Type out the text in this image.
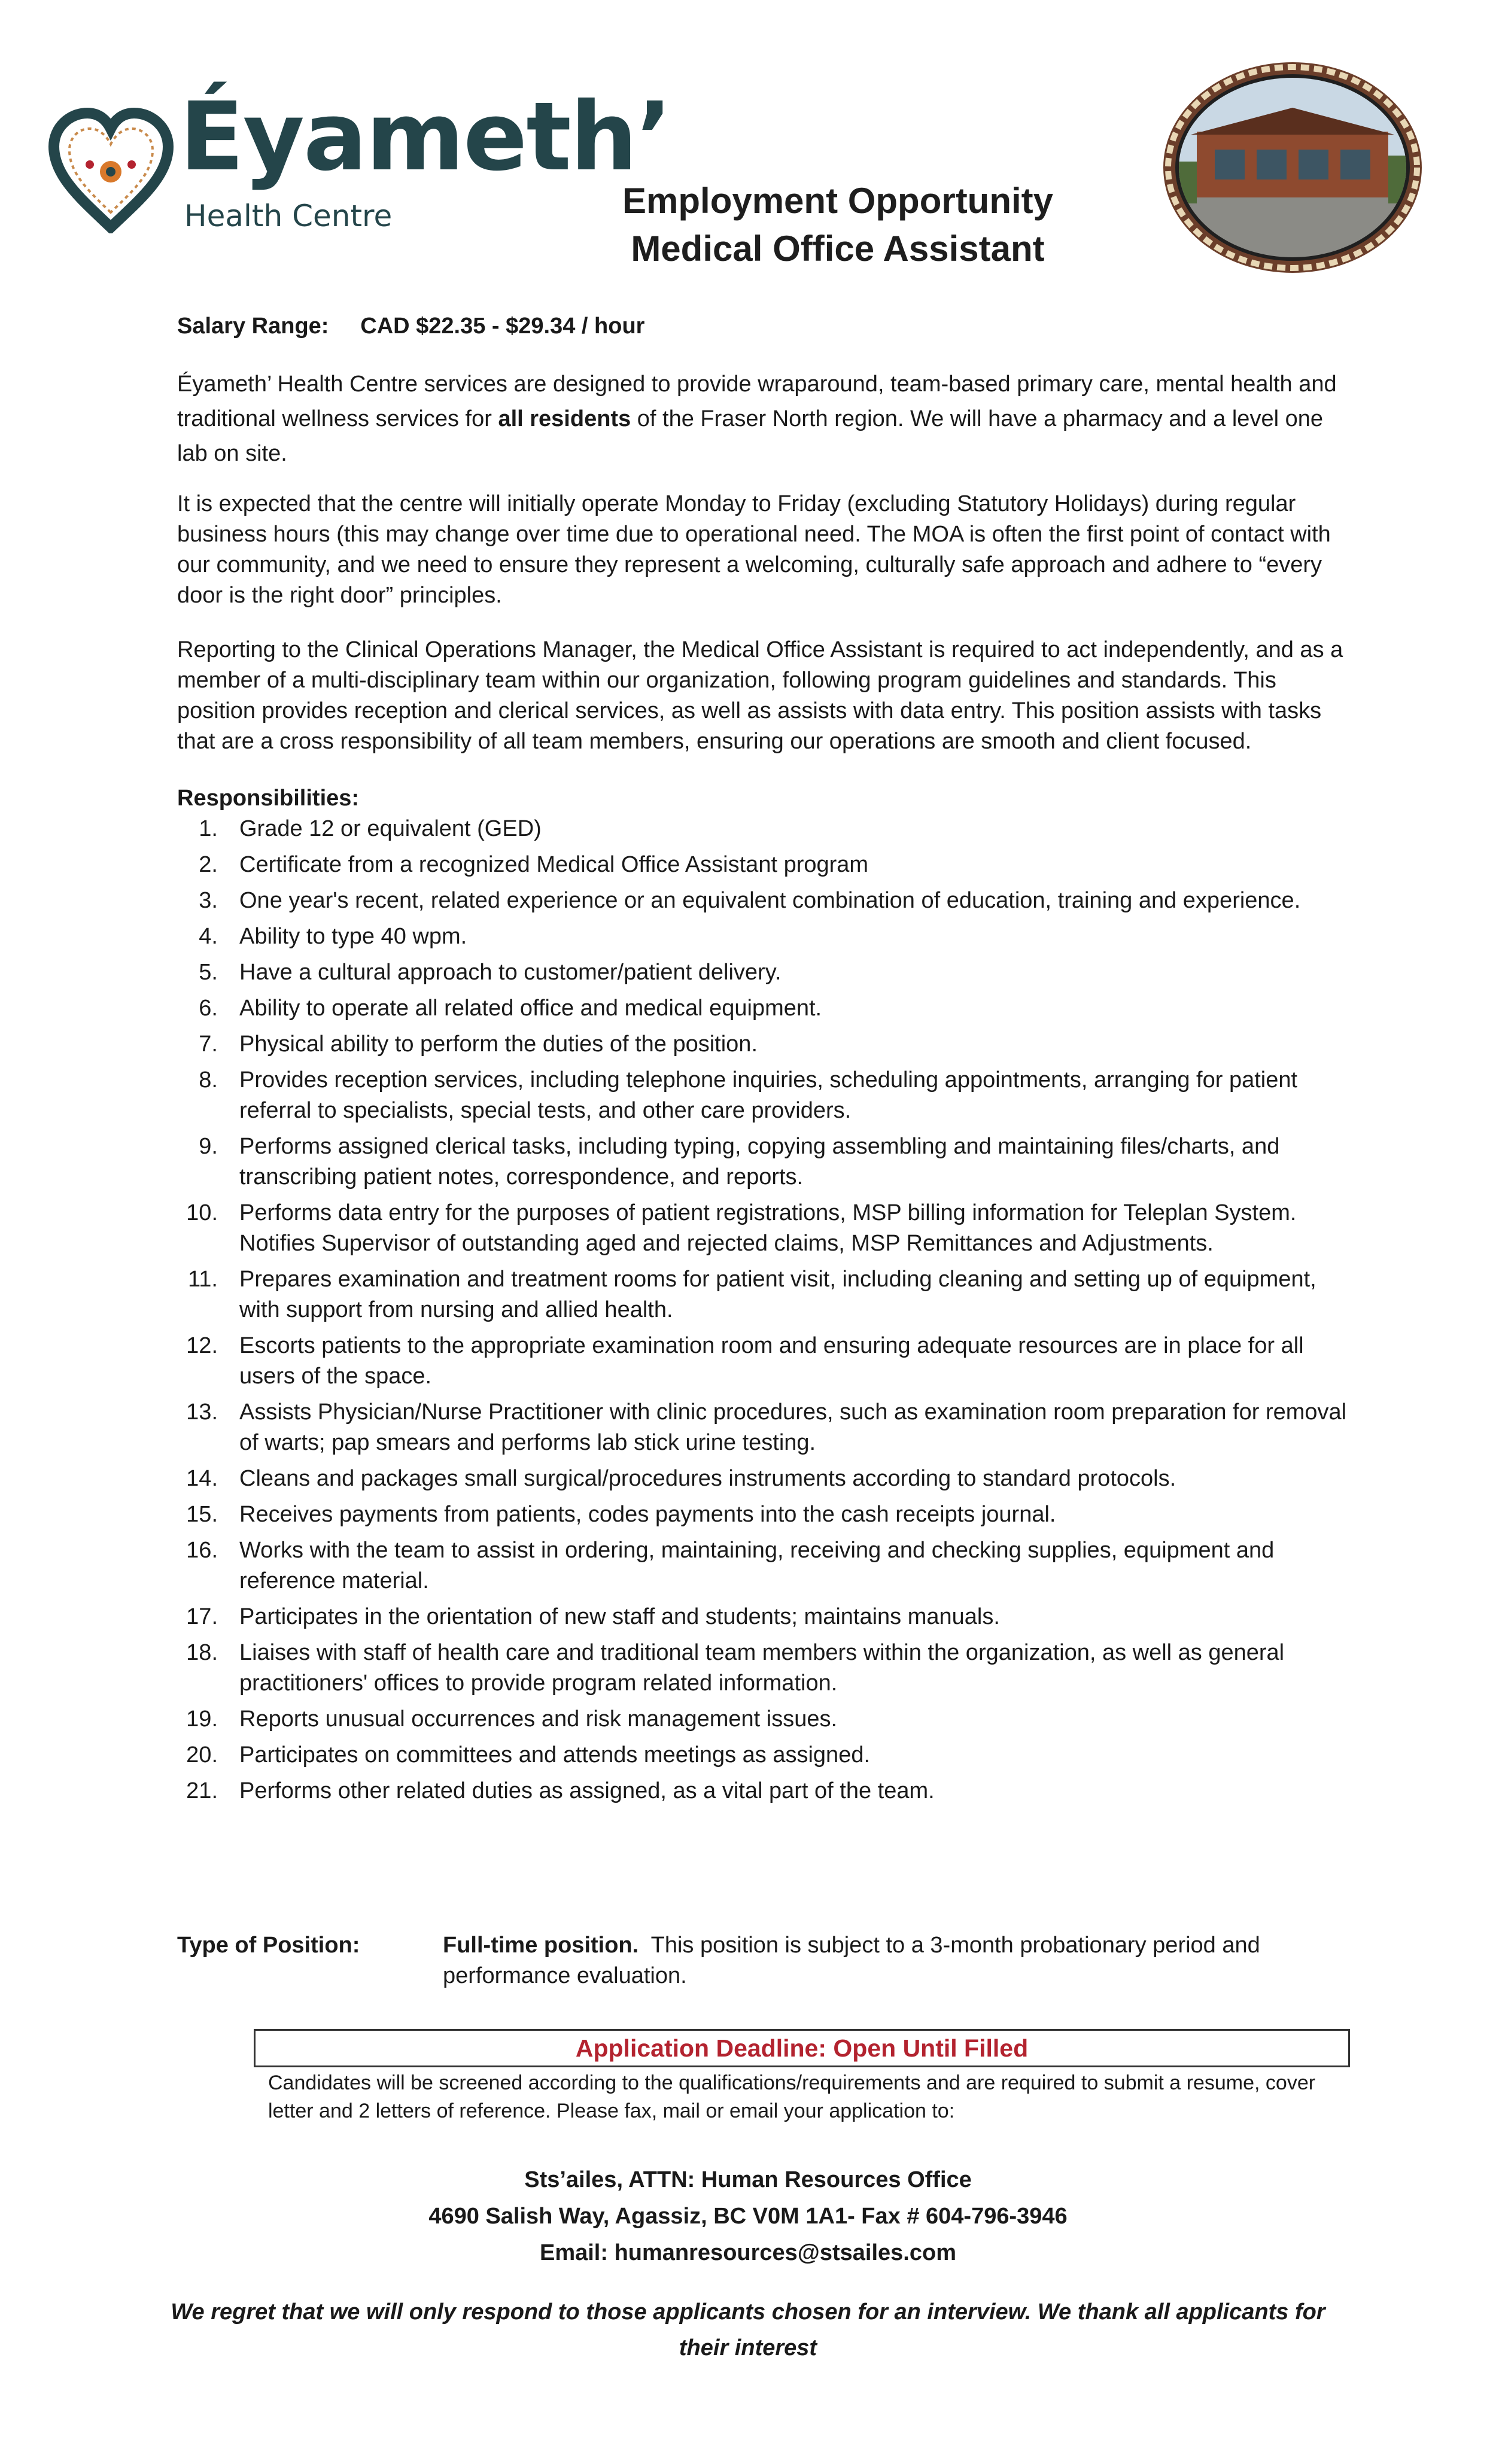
Éyameth’
Health Centre	Employment Opportunity
Medical Office Assistant

Salary Range: CAD $22.35 - $29.34 / hour

Éyameth’ Health Centre services are designed to provide wraparound, team-based primary care, mental health and traditional wellness services for all residents of the Fraser North region. We will have a pharmacy and a level one lab on site.

It is expected that the centre will initially operate Monday to Friday (excluding Statutory Holidays) during regular business hours (this may change over time due to operational need. The MOA is often the first point of contact with our community, and we need to ensure they represent a welcoming, culturally safe approach and adhere to “every door is the right door” principles.

Reporting to the Clinical Operations Manager, the Medical Office Assistant is required to act independently, and as a member of a multi-disciplinary team within our organization, following program guidelines and standards. This position provides reception and clerical services, as well as assists with data entry. This position assists with tasks that are a cross responsibility of all team members, ensuring our operations are smooth and client focused.

Responsibilities:

1. Grade 12 or equivalent (GED)
2. Certificate from a recognized Medical Office Assistant program
3. One year's recent, related experience or an equivalent combination of education, training and experience.
4. Ability to type 40 wpm.
5. Have a cultural approach to customer/patient delivery.
6. Ability to operate all related office and medical equipment.
7. Physical ability to perform the duties of the position.
8. Provides reception services, including telephone inquiries, scheduling appointments, arranging for patient referral to specialists, special tests, and other care providers.
9. Performs assigned clerical tasks, including typing, copying assembling and maintaining files/charts, and transcribing patient notes, correspondence, and reports.
10. Performs data entry for the purposes of patient registrations, MSP billing information for Teleplan System. Notifies Supervisor of outstanding aged and rejected claims, MSP Remittances and Adjustments.
11. Prepares examination and treatment rooms for patient visit, including cleaning and setting up of equipment, with support from nursing and allied health.
12. Escorts patients to the appropriate examination room and ensuring adequate resources are in place for all users of the space.
13. Assists Physician/Nurse Practitioner with clinic procedures, such as examination room preparation for removal of warts; pap smears and performs lab stick urine testing.
14. Cleans and packages small surgical/procedures instruments according to standard protocols.
15. Receives payments from patients, codes payments into the cash receipts journal.
16. Works with the team to assist in ordering, maintaining, receiving and checking supplies, equipment and reference material.
17. Participates in the orientation of new staff and students; maintains manuals.
18. Liaises with staff of health care and traditional team members within the organization, as well as general practitioners' offices to provide program related information.
19. Reports unusual occurrences and risk management issues.
20. Participates on committees and attends meetings as assigned.
21. Performs other related duties as assigned, as a vital part of the team.
Type of Position:	Full-time position.  This position is subject to a 3-month probationary period and performance evaluation.
Application Deadline: Open Until Filled
Candidates will be screened according to the qualifications/requirements and are required to submit a resume, cover letter and 2 letters of reference. Please fax, mail or email your application to:
Sts’ailes, ATTN: Human Resources Office
4690 Salish Way, Agassiz, BC V0M 1A1- Fax # 604-796-3946
Email: humanresources@stsailes.com
We regret that we will only respond to those applicants chosen for an interview. We thank all applicants for their interest
